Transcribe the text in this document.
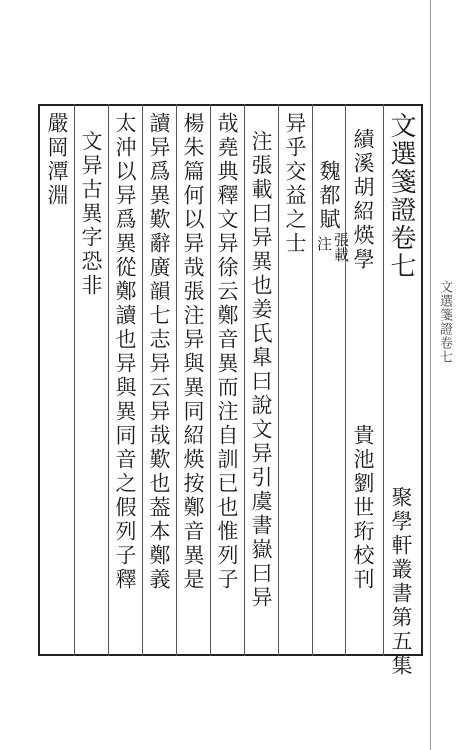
文選箋證卷七
聚學軒叢書第五集
績溪胡紹煐學
貴池劉世珩校刊
魏都賦
張載
注
异乎交益之士
注張載曰异異也姜氏臯曰說文异引虞書嶽曰异
哉堯典釋文异徐云鄭音異而注自訓已也惟列子
楊朱篇何以异哉張注异與異同紹煐按鄭音異是
讀异爲異歎辭廣韻七志异云异哉歎也葢本鄭義
太沖以异爲異從鄭讀也异與異同音之假列子釋
文异古異字恐非
嚴岡潭淵
文選箋證卷七
